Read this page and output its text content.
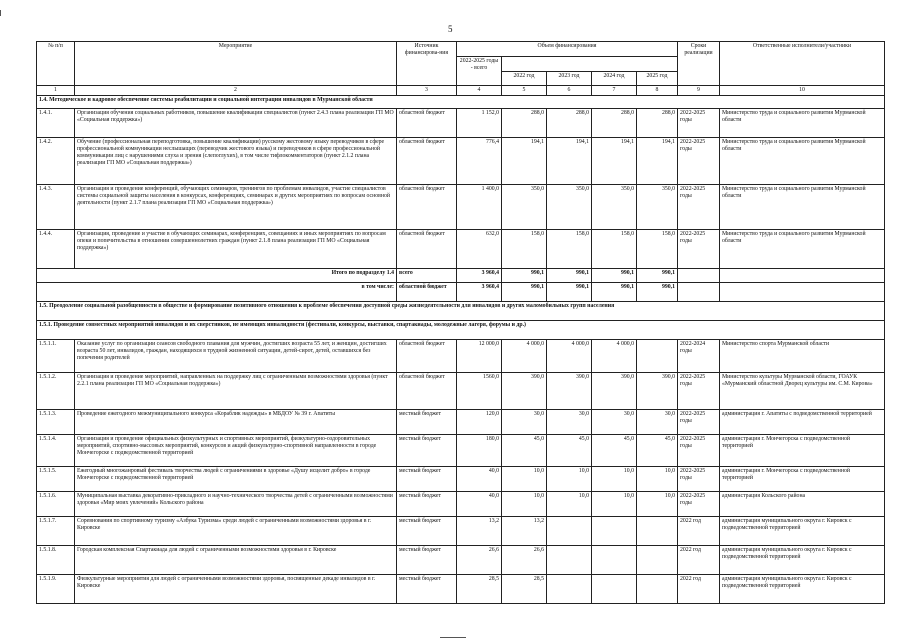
5
№ п/п	Мероприятие	Источник финансирова-ния	Объем финансирования					Сроки реализации	Ответственные исполнители/участники
			2022-2025 годы - всего						
				2022 год	2023 год	2024 год	2025 год		
1	2	3	4	5	6	7	8	9	10
1.4. Методическое и кадровое обеспечение системы реабилитации и социальной интеграции инвалидов в Мурманской области									
1.4.1.	Организация обучения социальных работников, повышение квалификации специалистов (пункт 2.4.3 плана реализации ГП МО «Социальная поддержка»)	областной бюджет	1 152,0	288,0	288,0	288,0	288,0	2022-2025 годы	Министерство труда и социального развития Мурманской области
1.4.2.	Обучение (профессиональная переподготовка, повышение квалификации) русскому жестовому языку переводчиков в сфере профессиональной коммуникации неслышащих (переводчик жестового языка) и переводчиков в сфере профессиональной коммуникации лиц с нарушениями слуха и зрения (слепоглухих), в том числе тифлокомментаторов (пункт 2.1.2 плана реализации ГП МО «Социальная поддержка»)	областной бюджет	776,4	194,1	194,1	194,1	194,1	2022-2025 годы	Министерство труда и социального развития Мурманской области
1.4.3.	Организация и проведение конференций, обучающих семинаров, тренингов по проблемам инвалидов, участие специалистов системы социальной защиты населения в конкурсах, конференциях, семинарах и других мероприятиях по вопросам основной деятельности (пункт 2.1.7 плана реализации ГП МО «Социальная поддержка»)	областной бюджет	1 400,0	350,0	350,0	350,0	350,0	2022-2025 годы	Министерство труда и социального развития Мурманской области
1.4.4.	Организация, проведение и участие в обучающих семинарах, конференциях, совещаниях и иных мероприятиях по вопросам опеки и попечительства в отношении совершеннолетних граждан (пункт 2.1.8 плана реализации ГП МО «Социальная поддержка»)	областной бюджет	632,0	158,0	158,0	158,0	158,0	2022-2025 годы	Министерство труда и социального развития Мурманской области
Итого по подразделу 1.4		всего	3 960,4	990,1	990,1	990,1	990,1		
в том числе:		областной бюджет	3 960,4	990,1	990,1	990,1	990,1		
1.5. Преодоление социальной разобщенности в обществе и формирование позитивного отношения к проблеме обеспечения доступной среды жизнедеятельности для инвалидов и других маломобильных групп населения									
1.5.1. Проведение совместных мероприятий инвалидов и их сверстников, не имеющих инвалидности (фестивали, конкурсы, выставки, спартакиады, молодежные лагеря, форумы и др.)									
1.5.1.1.	Оказание услуг по организации сеансов свободного плавания для мужчин, достигших возраста 55 лет, и женщин, достигших возраста 50 лет, инвалидов, граждан, находящихся в трудной жизненной ситуации, детей-сирот, детей, оставшихся без попечения родителей	областной бюджет	12 000,0	4 000,0	4 000,0	4 000,0		2022-2024 годы	Министерство спорта Мурманской области
1.5.1.2.	Организация и проведение мероприятий, направленных на поддержку лиц с ограниченными возможностями здоровья (пункт 2.2.1 плана реализации ГП МО «Социальная поддержка»)	областной бюджет	1560,0	390,0	390,0	390,0	390,0	2022-2025 годы	Министерство культуры Мурманской области, ГОАУК «Мурманский областной Дворец культуры им. С.М. Кирова»
1.5.1.3.	Проведение ежегодного межмуниципального конкурса «Кораблик надежды» в МБДОУ № 39 г. Апатиты	местный бюджет	120,0	30,0	30,0	30,0	30,0	2022-2025 годы	администрация г. Апатиты с подведомственной территорией
1.5.1.4.	Организация и проведение официальных физкультурных и спортивных мероприятий, физкультурно-оздоровительных мероприятий, спортивно-массовых мероприятий, конкурсов и акций физкультурно-спортивной направленности в городе Мончегорске с подведомственной территорией	местный бюджет	180,0	45,0	45,0	45,0	45,0	2022-2025 годы	администрация г. Мончегорска с подведомственной территорией
1.5.1.5.	Ежегодный многожанровый фестиваль творчества людей с ограничениями в здоровье «Душу исцелит добро» в городе Мончегорске с подведомственной территорией	местный бюджет	40,0	10,0	10,0	10,0	10,0	2022-2025 годы	администрация г. Мончегорска с подведомственной территорией
1.5.1.6.	Муниципальная выставка декоративно-прикладного и научно-технического творчества детей с ограниченными возможностями здоровья «Мир моих увлечений» Кольского района	местный бюджет	40,0	10,0	10,0	10,0	10,0	2022-2025 годы	администрация Кольского района
1.5.1.7.	Соревнования по спортивному туризму «Азбука Туризма» среди людей с ограниченными возможностями здоровья в г. Кировске	местный бюджет	13,2	13,2				2022 год	администрация муниципального округа г. Кировск с подведомственной территорией
1.5.1.8.	Городская комплексная Спартакиада для людей с ограниченными возможностями здоровья в г. Кировске	местный бюджет	26,6	26,6				2022 год	администрация муниципального округа г. Кировск с подведомственной территорией
1.5.1.9.	Физкультурные мероприятия для людей с ограниченными возможностями здоровья, посвященные декаде инвалидов в г. Кировске	местный бюджет	28,5	28,5				2022 год	администрация муниципального округа г. Кировск с подведомственной территорией
